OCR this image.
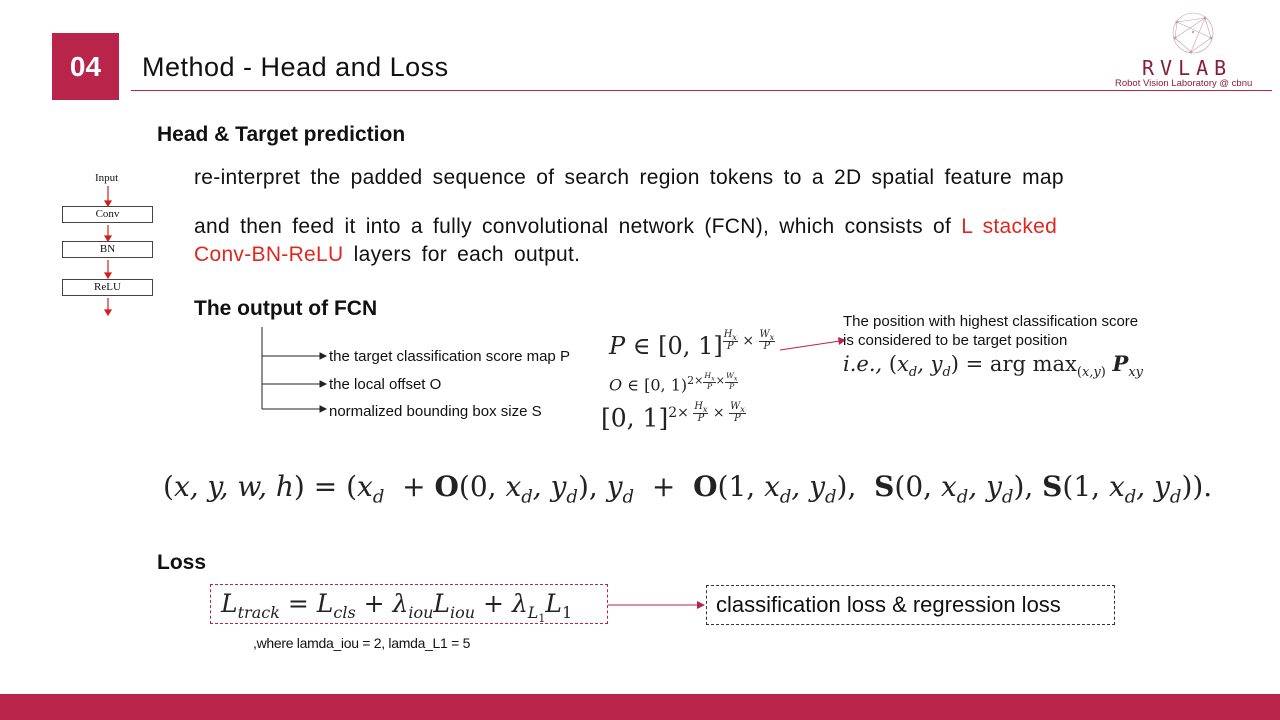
04	Method - Head and Loss	RVLAB
Robot Vision Laboratory @ cbnu
Input
Conv
BN
ReLU
Head & Target prediction
re-interpret the padded sequence of search region tokens to a 2D spatial feature map
and then feed it into a fully convolutional network (FCN), which consists of L stacked
Conv-BN-ReLU layers for each output.
The output of FCN
the target classification score map P
the local offset O
normalized bounding box size S
P ∈ [0, 1] $^{\frac{H_x}{P} \times \frac{W_x}{P}}$
O ∈ [0, 1)$^{2\times \frac{H_x}{P} \times \frac{W_x}{P}}$
[0, 1]$^{2\times \frac{H_x}{P} \times \frac{W_x}{P}}$
The position with highest classification score
is considered to be target position
i.e., ($x_d$, $y_d$) = arg $\max_{(x,y)} P_{xy}$
(x, y, w, $h) = (x_d + O(0$, $x_d$, $y_d$), $y_d + O(1$, $x_d$, $y_d$),  S(0, $x_d$, $y_d$), S(1, $x_d$, $y_d$)).
Loss
$L_{track} = L_{cls} + \lambda_{iou}L_{iou} + \lambda_{L_1}L_1$	classification loss & regression loss
,where lamda_iou = 2, lamda_L1 = 5
